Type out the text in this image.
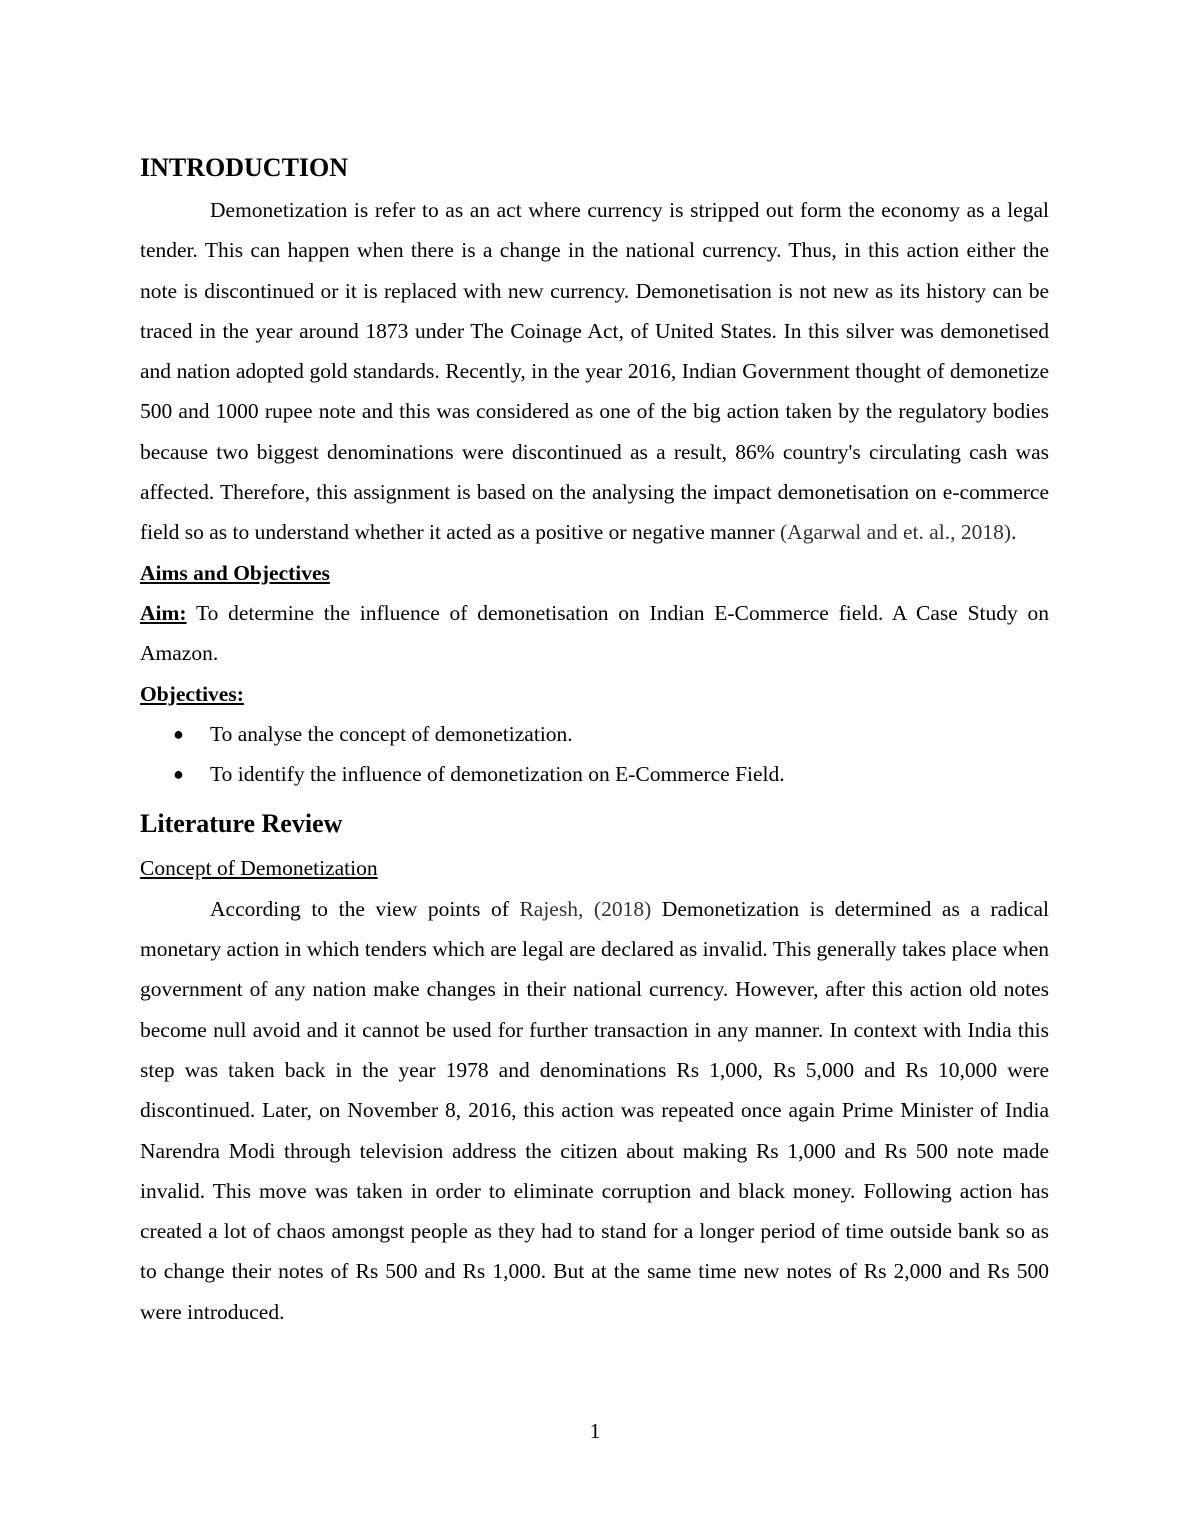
INTRODUCTION

Demonetization is refer to as an act where currency is stripped out form the economy as a legal tender. This can happen when there is a change in the national currency. Thus, in this action either the note is discontinued or it is replaced with new currency. Demonetisation is not new as its history can be traced in the year around 1873 under The Coinage Act, of United States. In this silver was demonetised and nation adopted gold standards. Recently, in the year 2016, Indian Government thought of demonetize 500 and 1000 rupee note and this was considered as one of the big action taken by the regulatory bodies because two biggest denominations were discontinued as a result, 86% country's circulating cash was affected. Therefore, this assignment is based on the analysing the impact demonetisation on e-commerce field so as to understand whether it acted as a positive or negative manner (Agarwal and et. al., 2018).

Aims and Objectives

Aim: To determine the influence of demonetisation on Indian E-Commerce field. A Case Study on Amazon.

Objectives:
● To analyse the concept of demonetization.
● To identify the influence of demonetization on E-Commerce Field.
Literature Review
Concept of Demonetization

According to the view points of Rajesh, (2018) Demonetization is determined as a radical monetary action in which tenders which are legal are declared as invalid. This generally takes place when government of any nation make changes in their national currency. However, after this action old notes become null avoid and it cannot be used for further transaction in any manner. In context with India this step was taken back in the year 1978 and denominations Rs 1,000, Rs 5,000 and Rs 10,000 were discontinued. Later, on November 8, 2016, this action was repeated once again Prime Minister of India Narendra Modi through television address the citizen about making Rs 1,000 and Rs 500 note made invalid. This move was taken in order to eliminate corruption and black money. Following action has created a lot of chaos amongst people as they had to stand for a longer period of time outside bank so as to change their notes of Rs 500 and Rs 1,000. But at the same time new notes of Rs 2,000 and Rs 500 were introduced.

1
